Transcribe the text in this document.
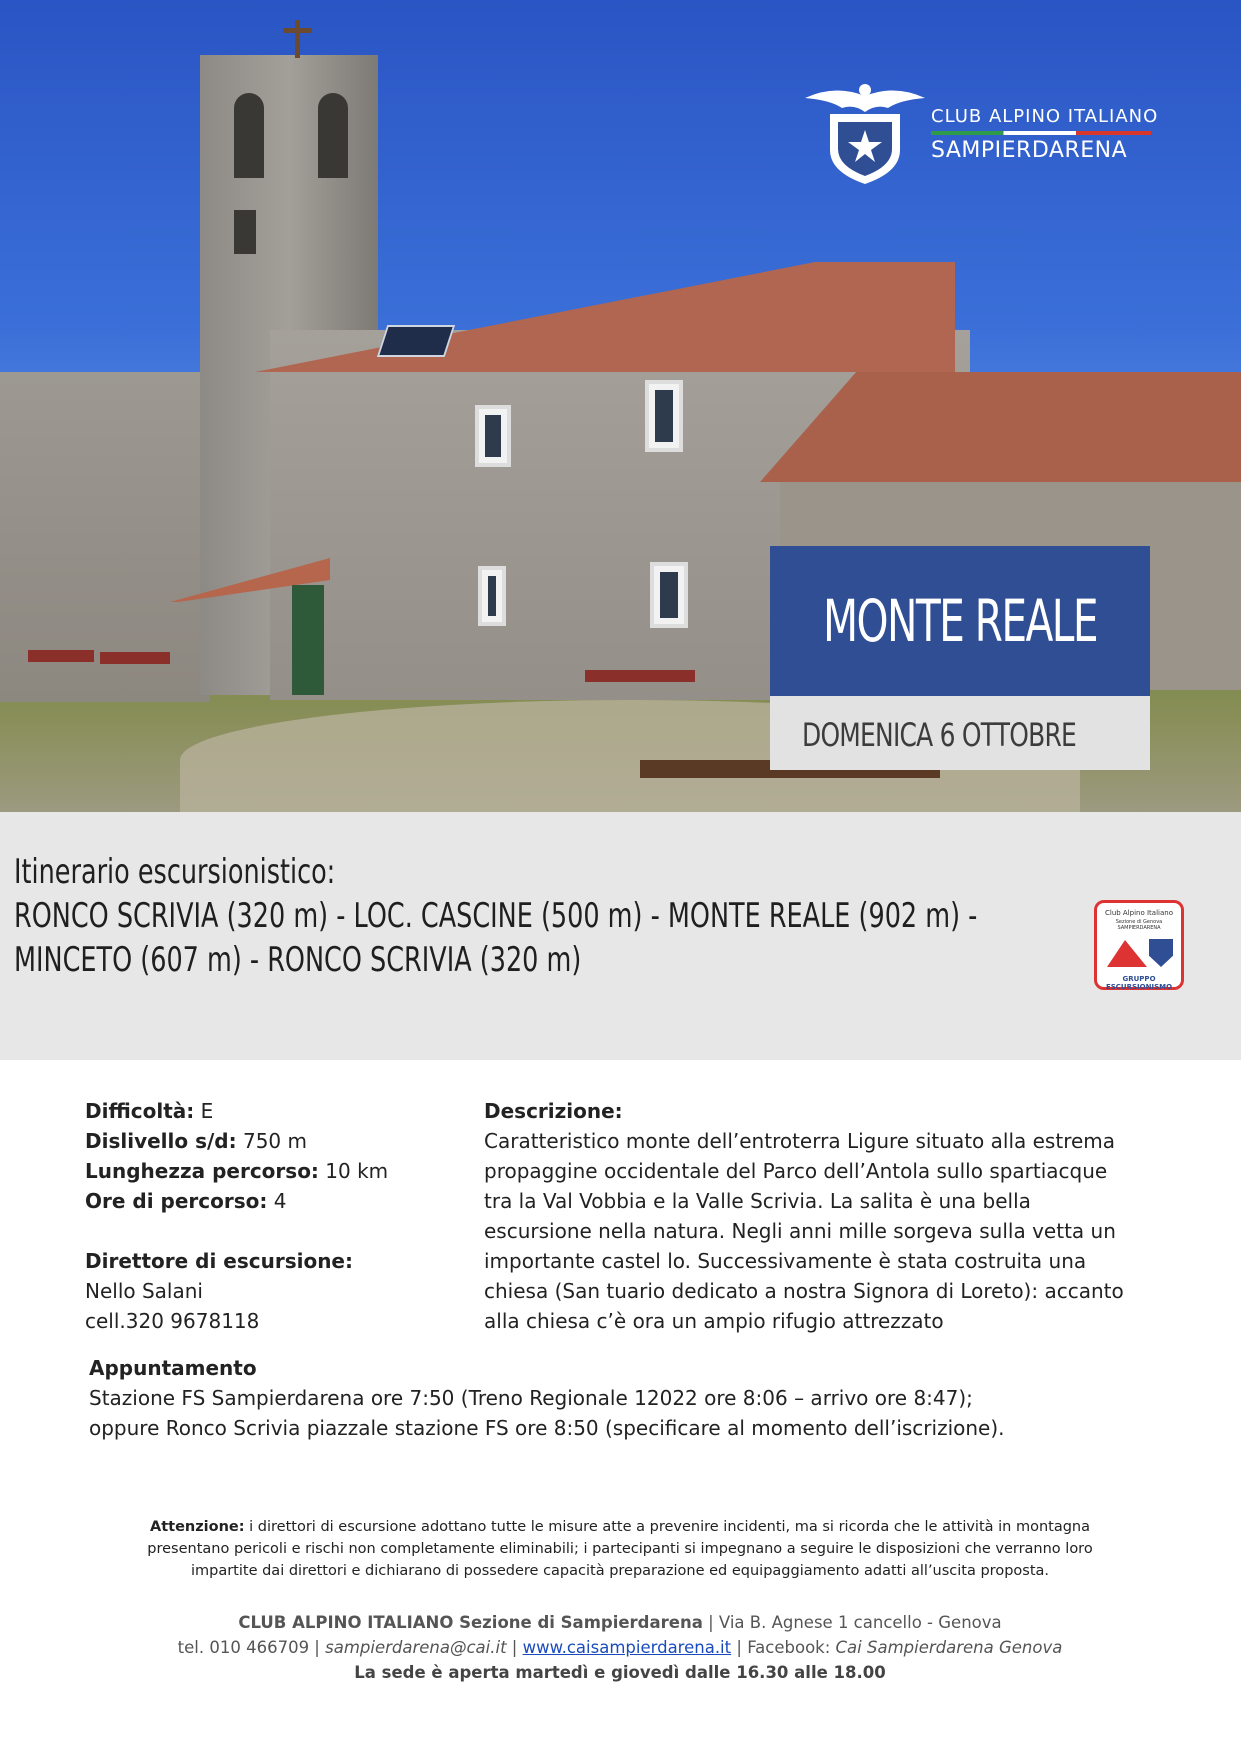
CLUB ALPINO ITALIANO
SAMPIERDARENA
MONTE REALE
DOMENICA 6 OTTOBRE
Itinerario escursionistico:
RONCO SCRIVIA (320 m) - LOC. CASCINE (500 m) - MONTE REALE (902 m) -
MINCETO (607 m) - RONCO SCRIVIA (320 m)
Club Alpino Italiano
Sezione di Genova SAMPIERDARENA
GRUPPO ESCURSIONISMO
Difficoltà: E
Dislivello s/d: 750 m
Lunghezza percorso: 10 km
Ore di percorso: 4
Direttore di escursione:
Nello Salani
cell.320 9678118
Descrizione:
Caratteristico monte dell’entroterra Ligure situato alla estrema
propaggine occidentale del Parco dell’Antola sullo spartiacque
tra la Val Vobbia e la Valle Scrivia. La salita è una bella
escursione nella natura. Negli anni mille sorgeva sulla vetta un
importante castel lo. Successivamente è stata costruita una
chiesa (San tuario dedicato a nostra Signora di Loreto): accanto
alla chiesa c’è ora un ampio rifugio attrezzato
Appuntamento
Stazione FS Sampierdarena ore 7:50 (Treno Regionale 12022 ore 8:06 – arrivo ore 8:47);
oppure Ronco Scrivia piazzale stazione FS ore 8:50 (specificare al momento dell’iscrizione).
Attenzione: i direttori di escursione adottano tutte le misure atte a prevenire incidenti, ma si ricorda che le attività in montagna
presentano pericoli e rischi non completamente eliminabili; i partecipanti si impegnano a seguire le disposizioni che verranno loro
impartite dai direttori e dichiarano di possedere capacità preparazione ed equipaggiamento adatti all’uscita proposta.
CLUB ALPINO ITALIANO Sezione di Sampierdarena | Via B. Agnese 1 cancello - Genova
tel. 010 466709 | sampierdarena@cai.it | www.caisampierdarena.it | Facebook: Cai Sampierdarena Genova
La sede è aperta martedì e giovedì dalle 16.30 alle 18.00
